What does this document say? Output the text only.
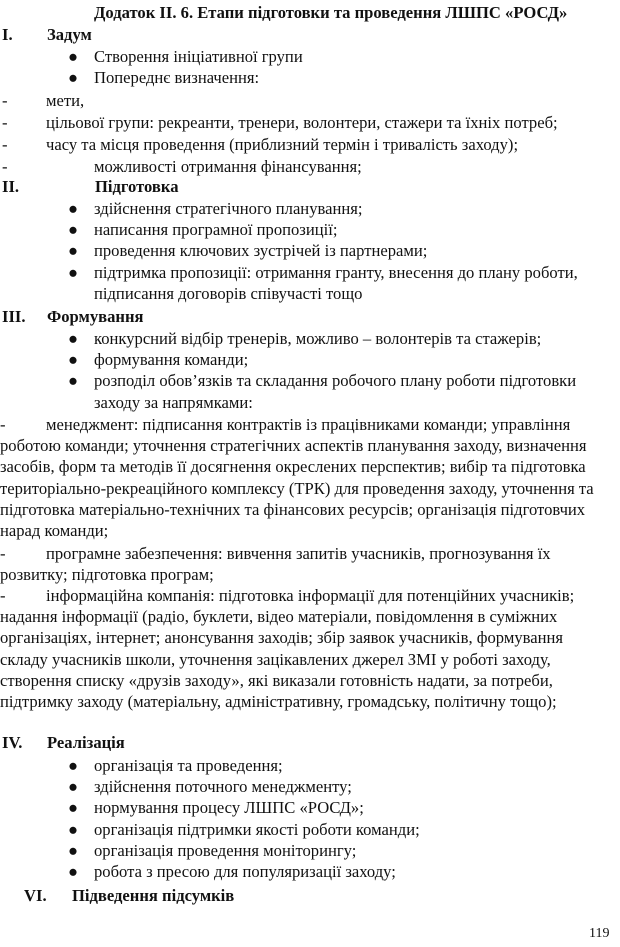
Додаток ІІ. 6. Етапи підготовки та проведення ЛШПС «РОСД»
I. Задум
● Створення ініціативної групи
● Попереднє визначення:
- мети,
- цільової групи: рекреанти, тренери, волонтери, стажери та їхніх потреб;
- часу та місця проведення (приблизний термін і тривалість заходу);
-	можливості отримання фінансування;
II.	Підготовка
● здійснення стратегічного планування;
● написання програмної пропозиції;
● проведення ключових зустрічей із партнерами;
● підтримка пропозиції: отримання гранту, внесення до плану роботи, підписання договорів співучасті тощо
III. Формування
● конкурсний відбір тренерів, можливо – волонтерів та стажерів;
● формування команди;
● розподіл обов’язків та складання робочого плану роботи підготовки заходу за напрямками:

- менеджмент: підписання контрактів із працівниками команди; управління роботою команди; уточнення стратегічних аспектів планування заходу, визначення засобів, форм та методів її досягнення окреслених перспектив; вибір та підготовка територіально-рекреаційного комплексу (ТРК) для проведення заходу, уточнення та підготовка матеріально-технічних та фінансових ресурсів; організація підготовчих нарад команди;

- програмне забезпечення: вивчення запитів учасників, прогнозування їх розвитку; підготовка програм;

- інформаційна компанія: підготовка інформації для потенційних учасників; надання інформації (радіо, буклети, відео матеріали, повідомлення в суміжних організаціях, інтернет; анонсування заходів; збір заявок учасників, формування складу учасників школи, уточнення зацікавлених джерел ЗМІ у роботі заходу, створення списку «друзів заходу», які виказали готовність надати, за потреби, підтримку заходу (матеріальну, адміністративну, громадську, політичну тощо);

IV. Реалізація
● організація та проведення;
● здійснення поточного менеджменту;
● нормування процесу ЛШПС «РОСД»;
● організація підтримки якості роботи команди;
● організація проведення моніторингу;
● робота з пресою для популяризації заходу;
VI. Підведення підсумків
119
